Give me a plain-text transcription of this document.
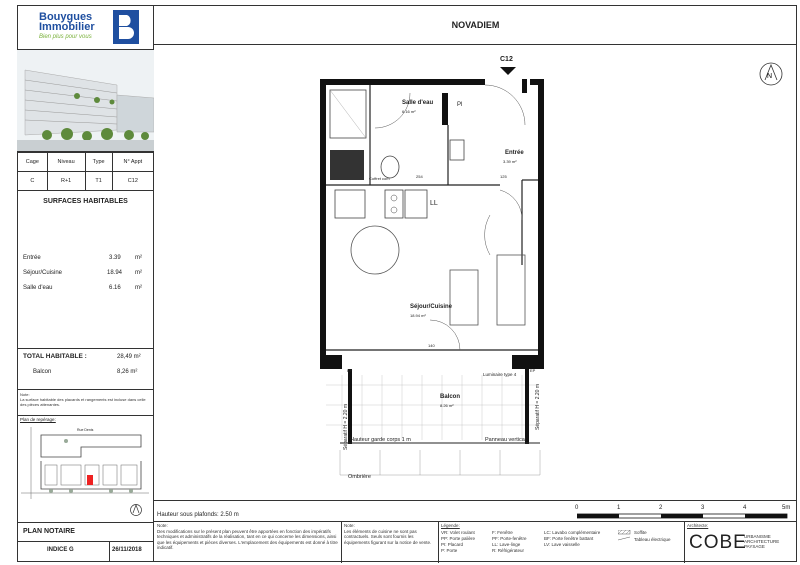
Bouygues
Immobilier
Bien plus pour vous
Cage	Niveau	Type	N° Appt
C	R+1	T1	C12
SURFACES HABITABLES
Entrée	3.39 m²
Séjour/Cuisine	18.94 m²
Salle d'eau	6.16 m²
TOTAL HABITABLE :	28,49 m²
Balcon	8,26 m²
Note:
La surface habitable des placards et rangements est incluse dans celle des pièces attenantes.
Plan de repérage:
Rue Denis
PLAN NOTAIRE
INDICE G	26/11/2018
NOVADIEM
C12
Salle d'eau
6.16 m²
Pl
Entrée
3.39 m²
Coffret com	254	125
LL
Séjour/Cuisine
18.94 m²
140
EP	EP
Luminaire type 4
Balcon
8.26 m²
Séparatif H = 2.20 m	Séparatif H = 2.20 m
Hauteur garde corps 1 m	Panneau vertical
Ombrière
N
0	1	2	3	4	5m
Hauteur sous plafonds: 2.50 m
Note:
Des modifications sur le présent plan peuvent être apportées en fonction des impératifs techniques et administratifs de la réalisation, tant en ce qui concerne les dimensions, ainsi que les équipements et pièces diverses. L'emplacement des équipements est donné à titre indicatif.
Note:
Les éléments de cuisine ne sont pas contractuels. Seuls sont fournis les équipements figurant sur la notice de vente.
Légende:
VR: Volet roulant
PP: Porte palière
PI: Placard
P: Porte
F: Fenêtre
PF: Porte-fenêtre
LL: Lave-linge
R: Réfrigérateur
LC: Lavabo complémentaire
BF: Porte fenêtre battant
LV: Lave vaisselle
Soffite
Tableau électrique
Architecte:
COBE
URBANISME
ARCHITECTURE
PAYSAGE
